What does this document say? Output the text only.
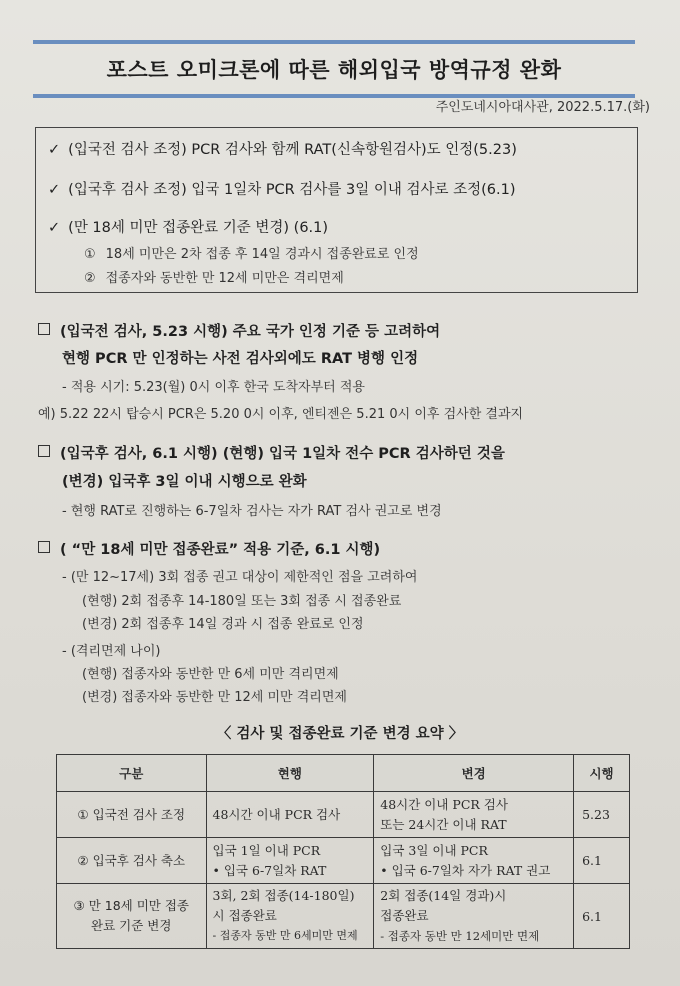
포스트 오미크론에 따른 해외입국 방역규정 완화
주인도네시아대사관, 2022.5.17.(화)
✓ (입국전 검사 조정) PCR 검사와 함께 RAT(신속항원검사)도 인정(5.23)
✓ (입국후 검사 조정) 입국 1일차 PCR 검사를 3일 이내 검사로 조정(6.1)
✓ (만 18세 미만 접종완료 기준 변경) (6.1)
① 18세 미만은 2차 접종 후 14일 경과시 접종완료로 인정
② 접종자와 동반한 만 12세 미만은 격리면제
(입국전 검사, 5.23 시행) 주요 국가 인정 기준 등 고려하여
현행 PCR 만 인정하는 사전 검사외에도 RAT 병행 인정
- 적용 시기: 5.23(월) 0시 이후 한국 도착자부터 적용
예) 5.22 22시 탑승시 PCR은 5.20 0시 이후, 엔티젠은 5.21 0시 이후 검사한 결과지
(입국후 검사, 6.1 시행) (현행) 입국 1일차 전수 PCR 검사하던 것을
(변경) 입국후 3일 이내 시행으로 완화
- 현행 RAT로 진행하는 6-7일차 검사는 자가 RAT 검사 권고로 변경
( “만 18세 미만 접종완료” 적용 기준, 6.1 시행)
- (만 12~17세) 3회 접종 권고 대상이 제한적인 점을 고려하여
(현행) 2회 접종후 14-180일 또는 3회 접종 시 접종완료
(변경) 2회 접종후 14일 경과 시 접종 완료로 인정
- (격리면제 나이)
(현행) 접종자와 동반한 만 6세 미만 격리면제
(변경) 접종자와 동반한 만 12세 미만 격리면제
〈 검사 및 접종완료 기준 변경 요약 〉
구분	현행	변경	시행

① 입국전 검사 조정	48시간 이내 PCR 검사	48시간 이내 PCR 검사
또는 24시간 이내 RAT	5.23

② 입국후 검사 축소	입국 1일 이내 PCR
• 입국 6-7일차 RAT	입국 3일 이내 PCR
• 입국 6-7일차 자가 RAT 권고	6.1

③ 만 18세 미만 접종
완료 기준 변경	3회, 2회 접종(14-180일)
시 접종완료
- 접종자 동반 만 6세미만 면제	2회 접종(14일 경과)시
접종완료
- 접종자 동반 만 12세미만 면제	6.1
